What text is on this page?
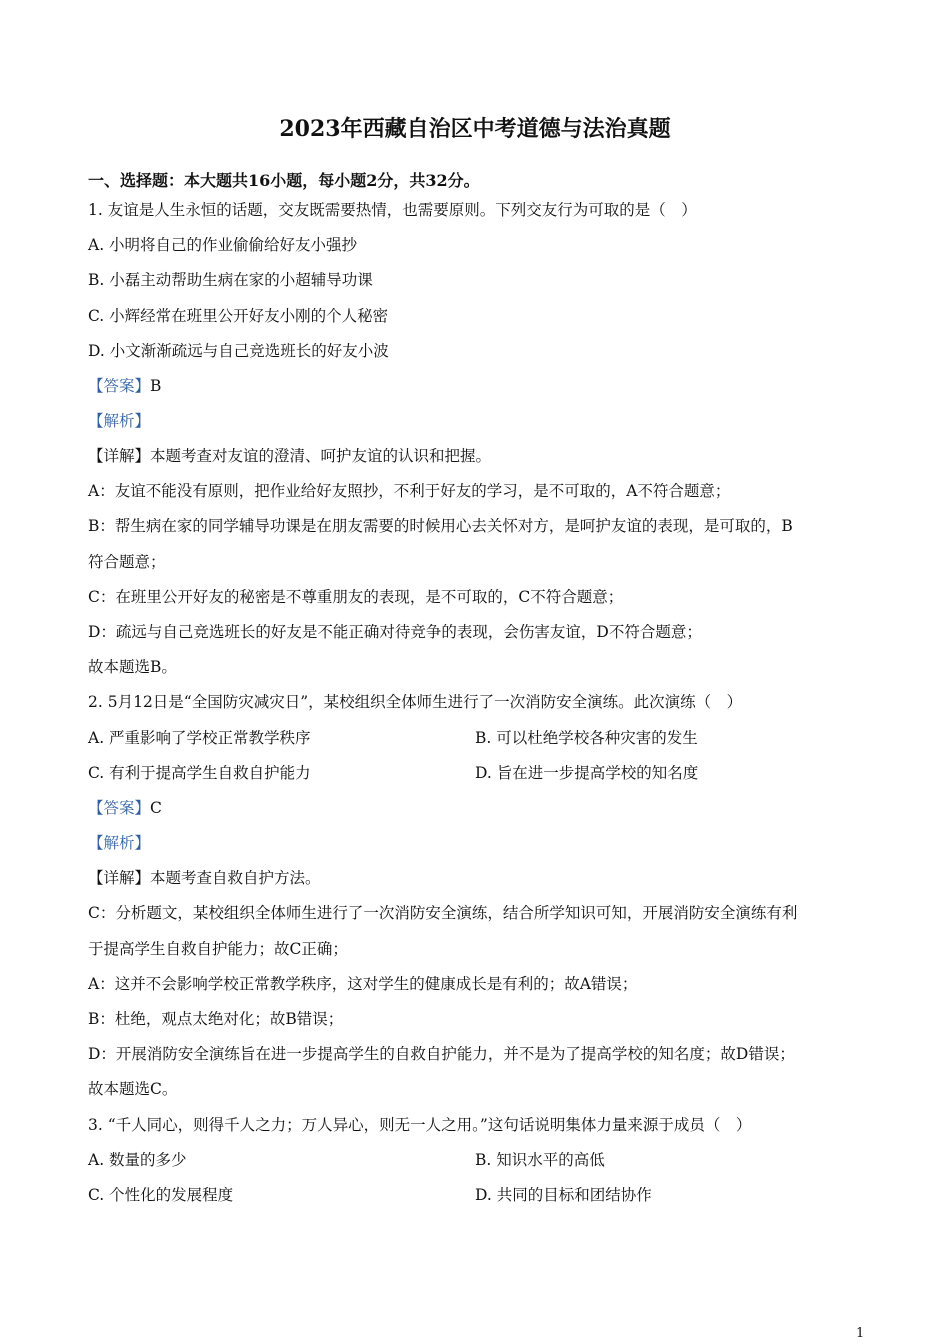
2023年西藏自治区中考道德与法治真题
一、选择题：本大题共16小题，每小题2分，共32分。
1. 友谊是人生永恒的话题，交友既需要热情，也需要原则。下列交友行为可取的是（　）
A. 小明将自己的作业偷偷给好友小强抄
B. 小磊主动帮助生病在家的小超辅导功课
C. 小辉经常在班里公开好友小刚的个人秘密
D. 小文渐渐疏远与自己竞选班长的好友小波
【答案】B
【解析】
【详解】本题考查对友谊的澄清、呵护友谊的认识和把握。
A：友谊不能没有原则，把作业给好友照抄，不利于好友的学习，是不可取的，A不符合题意；
B：帮生病在家的同学辅导功课是在朋友需要的时候用心去关怀对方，是呵护友谊的表现，是可取的，B
符合题意；
C：在班里公开好友的秘密是不尊重朋友的表现，是不可取的，C不符合题意；
D：疏远与自己竞选班长的好友是不能正确对待竞争的表现，会伤害友谊，D不符合题意；
故本题选B。
2. 5月12日是“全国防灾减灾日”，某校组织全体师生进行了一次消防安全演练。此次演练（　）
A. 严重影响了学校正常教学秩序	B. 可以杜绝学校各种灾害的发生
C. 有利于提高学生自救自护能力	D. 旨在进一步提高学校的知名度
【答案】C
【解析】
【详解】本题考查自救自护方法。
C：分析题文，某校组织全体师生进行了一次消防安全演练，结合所学知识可知，开展消防安全演练有利
于提高学生自救自护能力；故C正确；
A：这并不会影响学校正常教学秩序，这对学生的健康成长是有利的；故A错误；
B：杜绝，观点太绝对化；故B错误；
D：开展消防安全演练旨在进一步提高学生的自救自护能力，并不是为了提高学校的知名度；故D错误；
故本题选C。
3. “千人同心，则得千人之力；万人异心，则无一人之用。”这句话说明集体力量来源于成员（　）
A. 数量的多少	B. 知识水平的高低
C. 个性化的发展程度	D. 共同的目标和团结协作
1
